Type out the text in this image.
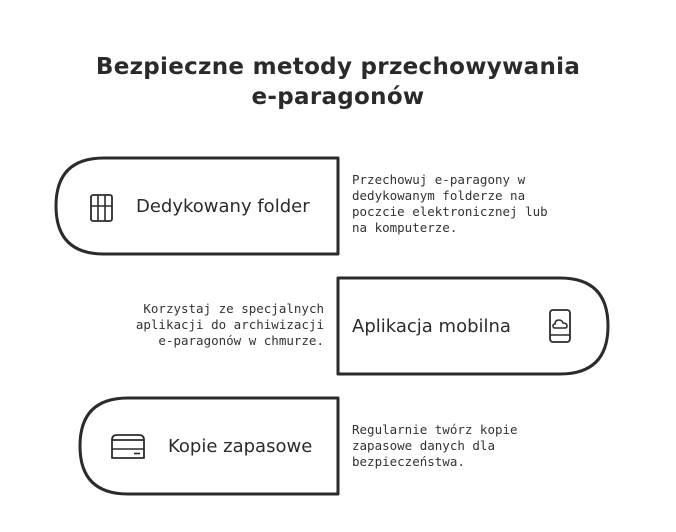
Bezpieczne metody przechowywania
e-paragonów
Dedykowany folder
Przechowuj e-paragony w
dedykowanym folderze na
poczcie elektronicznej lub
na komputerze.
Korzystaj ze specjalnych
aplikacji do archiwizacji
e-paragonów w chmurze.
Aplikacja mobilna
Kopie zapasowe
Regularnie twórz kopie
zapasowe danych dla
bezpieczeństwa.
